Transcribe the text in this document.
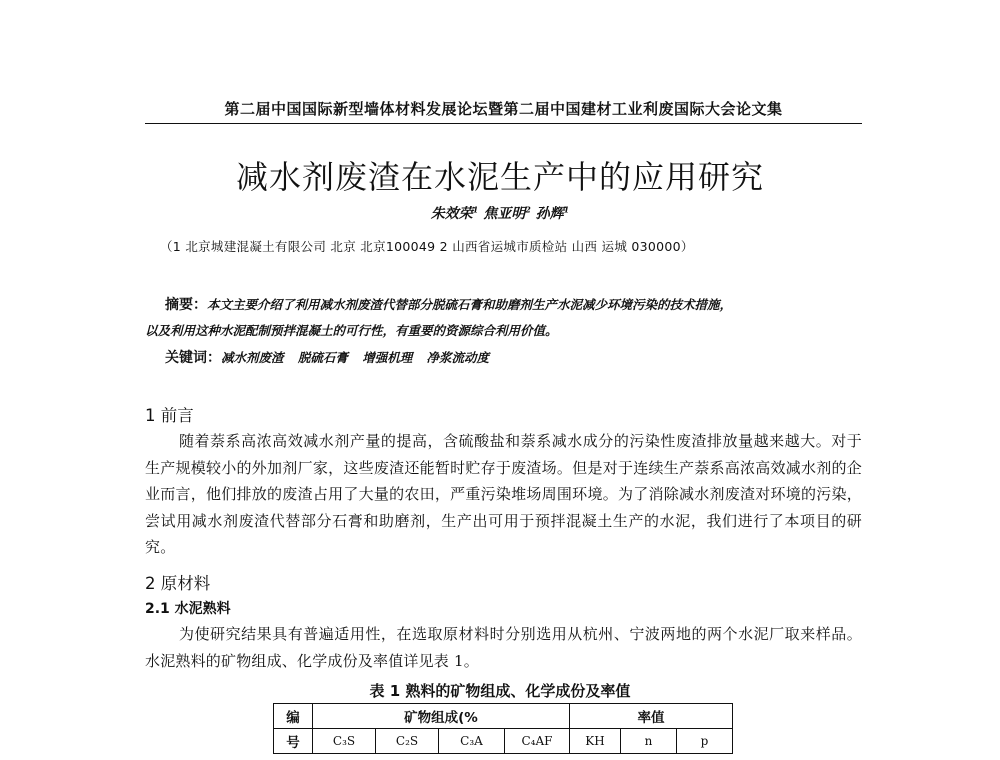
第二届中国国际新型墙体材料发展论坛暨第二届中国建材工业利废国际大会论文集
减水剂废渣在水泥生产中的应用研究
朱效荣$^1$ 焦亚明$^2$ 孙辉$^1$
（1 北京城建混凝土有限公司 北京 北京100049 2 山西省运城市质检站 山西 运城 030000）
摘要：本文主要介绍了利用减水剂废渣代替部分脱硫石膏和助磨剂生产水泥减少环境污染的技术措施，
以及利用这种水泥配制预拌混凝土的可行性，有重要的资源综合利用价值。
关键词：减水剂废渣 脱硫石膏 增强机理 净浆流动度
1 前言
随着萘系高浓高效减水剂产量的提高，含硫酸盐和萘系减水成分的污染性废渣排放量越来越大。对于生产规模较小的外加剂厂家，这些废渣还能暂时贮存于废渣场。但是对于连续生产萘系高浓高效减水剂的企业而言，他们排放的废渣占用了大量的农田，严重污染堆场周围环境。为了消除减水剂废渣对环境的污染，尝试用减水剂废渣代替部分石膏和助磨剂，生产出可用于预拌混凝土生产的水泥，我们进行了本项目的研究。
2 原材料
2.1 水泥熟料
为使研究结果具有普遍适用性，在选取原材料时分别选用从杭州、宁波两地的两个水泥厂取来样品。水泥熟料的矿物组成、化学成份及率值详见表 1。
表 1 熟料的矿物组成、化学成份及率值
编	矿物组成(%				率值		
号	C₃S	C₂S	C₃A	C₄AF	KH	n	p
